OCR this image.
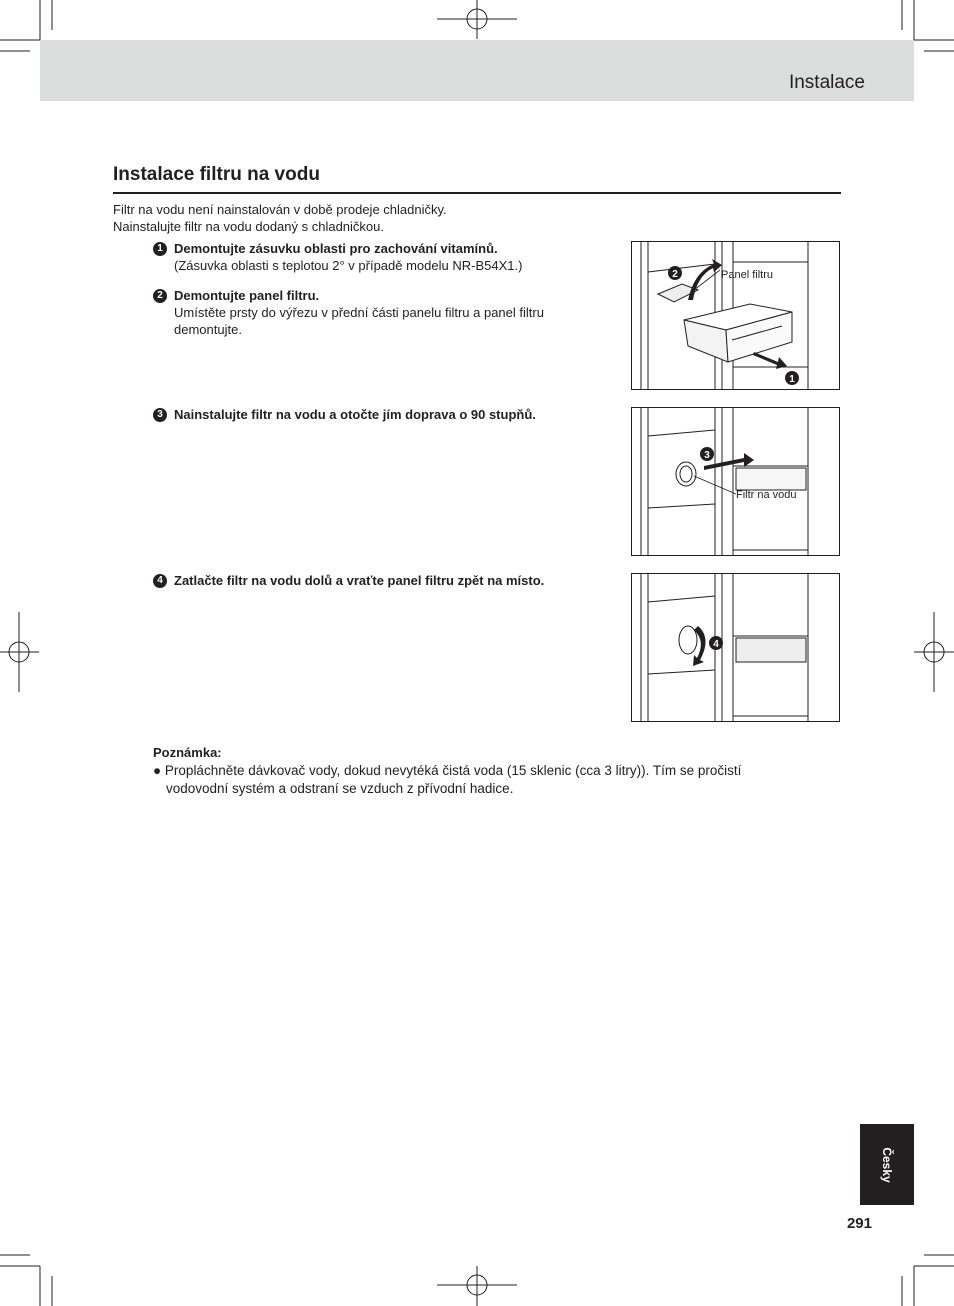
Instalace
Instalace filtru na vodu
Filtr na vodu není nainstalován v době prodeje chladničky.
Nainstalujte filtr na vodu dodaný s chladničkou.
1 Demontujte zásuvku oblasti pro zachování vitamínů.
(Zásuvka oblasti s teplotou 2° v případě modelu NR-B54X1.)
2 Demontujte panel filtru.
Umístěte prsty do výřezu v přední části panelu filtru a panel filtru demontujte.
3 Nainstalujte filtr na vodu a otočte jím doprava o 90 stupňů.
4 Zatlačte filtr na vodu dolů a vraťte panel filtru zpět na místo.
2
1
Panel filtru
3
Filtr na vodu
4
Poznámka:
● Propláchněte dávkovač vody, dokud nevytéká čistá voda (15 sklenic (cca 3 litry)). Tím se pročistí
vodovodní systém a odstraní se vzduch z přívodní hadice.
Česky
291
